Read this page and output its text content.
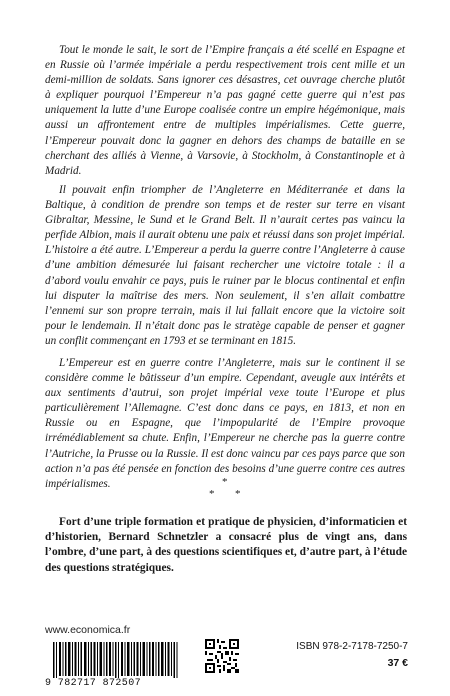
Tout le monde le sait, le sort de l’Empire français a été scellé en Espagne et en Russie où l’armée impériale a perdu respectivement trois cent mille et un demi-million de soldats. Sans ignorer ces désastres, cet ouvrage cherche plutôt à expliquer pourquoi l’Empereur n’a pas gagné cette guerre qui n’est pas uniquement la lutte d’une Europe coalisée contre un empire hégémonique, mais aussi un affrontement entre de multiples impérialismes. Cette guerre, l’Empereur pouvait donc la gagner en dehors des champs de bataille en se cherchant des alliés à Vienne, à Varsovie, à Stockholm, à Constantinople et à Madrid.

Il pouvait enfin triompher de l’Angleterre en Méditerranée et dans la Baltique, à condition de prendre son temps et de rester sur terre en visant Gibraltar, Messine, le Sund et le Grand Belt. Il n’aurait certes pas vaincu la perfide Albion, mais il aurait obtenu une paix et réussi dans son projet impérial. L’histoire a été autre. L’Empereur a perdu la guerre contre l’Angleterre à cause d’une ambition démesurée lui faisant rechercher une victoire totale : il a d’abord voulu envahir ce pays, puis le ruiner par le blocus continental et enfin lui disputer la maîtrise des mers. Non seulement, il s’en allait combattre l’ennemi sur son propre terrain, mais il lui fallait encore que la victoire soit pour le lendemain. Il n’était donc pas le stratège capable de penser et gagner un conflit commençant en 1793 et se terminant en 1815.

L’Empereur est en guerre contre l’Angleterre, mais sur le continent il se considère comme le bâtisseur d’un empire. Cependant, aveugle aux intérêts et aux sentiments d’autrui, son projet impérial vexe toute l’Europe et plus particulièrement l’Allemagne. C’est donc dans ce pays, en 1813, et non en Russie ou en Espagne, que l’impopularité de l’Empire provoque irrémédiablement sa chute. Enfin, l’Empereur ne cherche pas la guerre contre l’Autriche, la Prusse ou la Russie. Il est donc vaincu par ces pays parce que son action n’a pas été pensée en fonction des besoins d’une guerre contre ces autres impérialismes.	*
* *

Fort d’une triple formation et pratique de physicien, d’informaticien et d’historien, Bernard Schnetzler a consacré plus de vingt ans, dans l’ombre, d’une part, à des questions scientifiques et, d’autre part, à l’étude des questions stratégiques.

www.economica.fr
9 782717 872507
ISBN 978-2-7178-7250-7
37 €
